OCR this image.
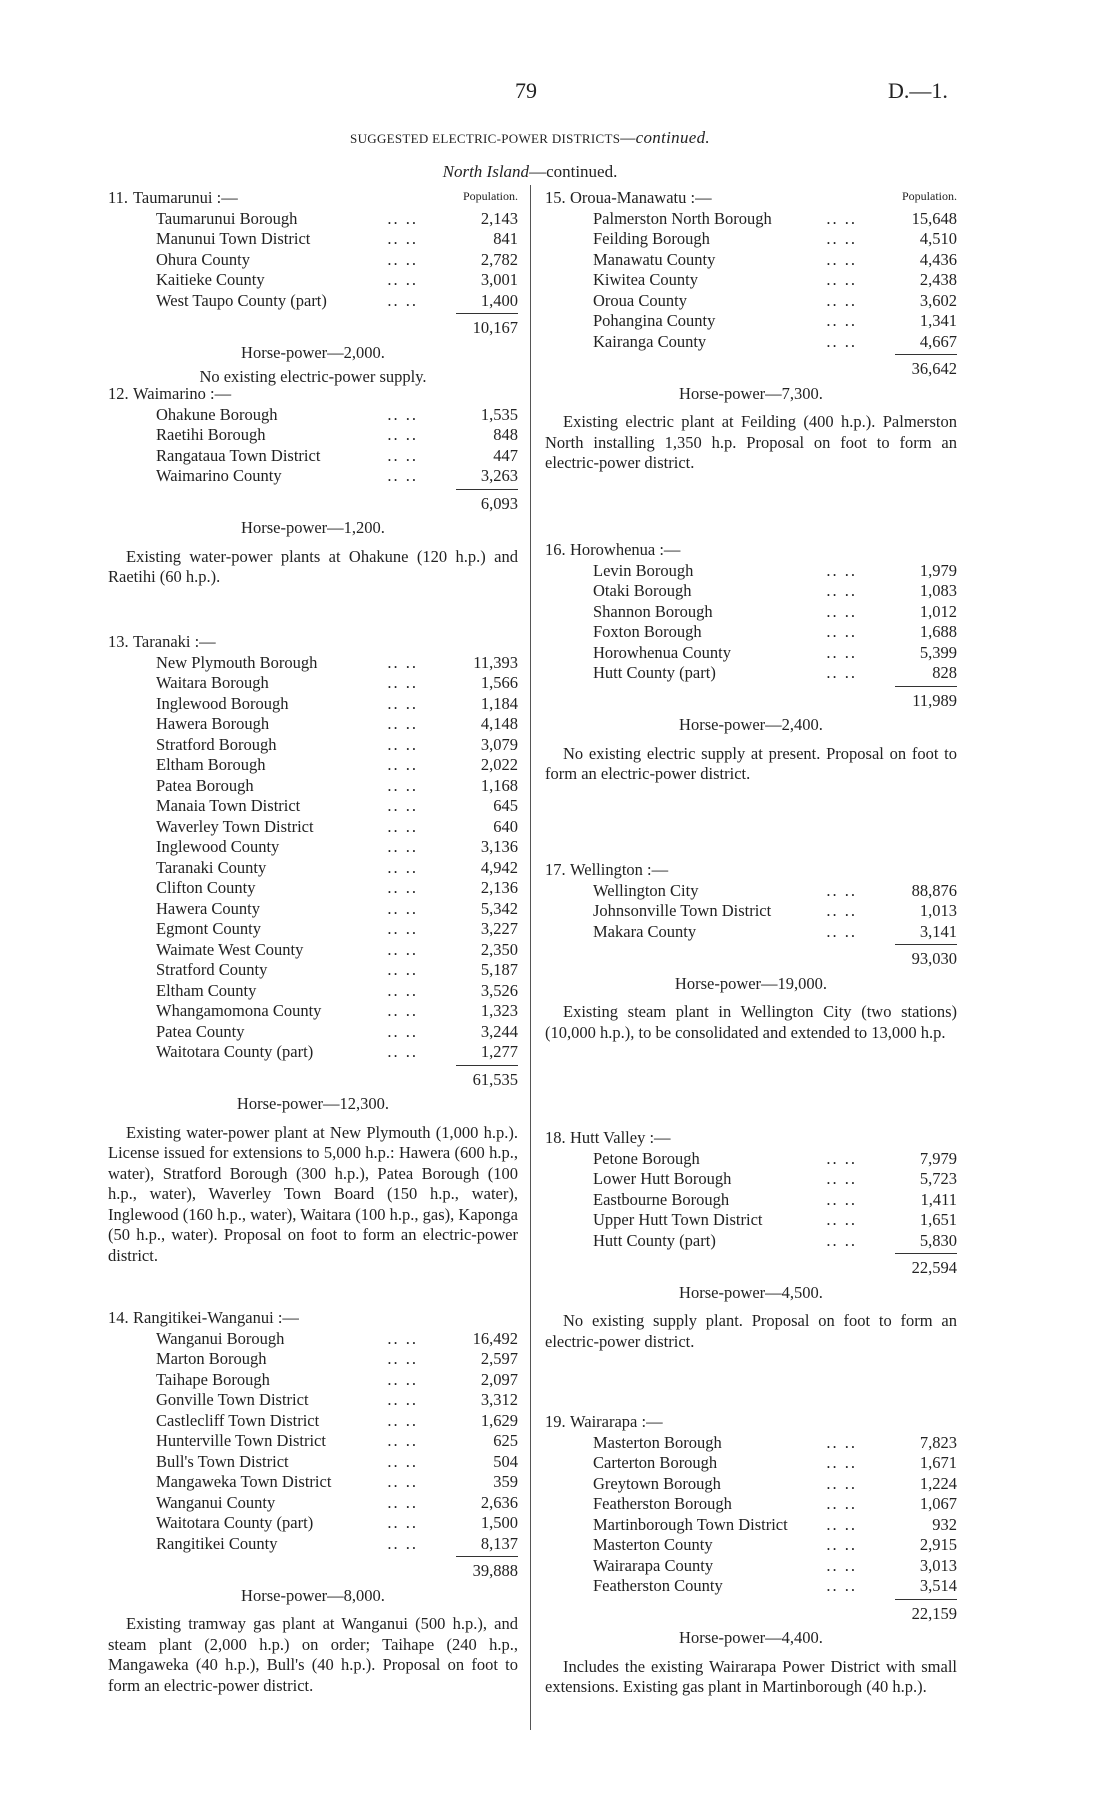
79	D.—1.
SUGGESTED ELECTRIC-POWER DISTRICTS—continued.
North Island—continued.
Population.
11. Taumarunui :—
Taumarunui Borough	.. ..	2,143
Manunui Town District	.. ..	841
Ohura County	.. ..	2,782
Kaitieke County	.. ..	3,001
West Taupo County (part)	.. ..	1,400
10,167
Horse-power—2,000.
No existing electric-power supply.
12. Waimarino :—
Ohakune Borough	.. ..	1,535
Raetihi Borough	.. ..	848
Rangataua Town District	.. ..	447
Waimarino County	.. ..	3,263
6,093
Horse-power—1,200.
Existing water-power plants at Ohakune (120 h.p.) and Raetihi (60 h.p.).
13. Taranaki :—
New Plymouth Borough	.. ..	11,393
Waitara Borough	.. ..	1,566
Inglewood Borough	.. ..	1,184
Hawera Borough	.. ..	4,148
Stratford Borough	.. ..	3,079
Eltham Borough	.. ..	2,022
Patea Borough	.. ..	1,168
Manaia Town District	.. ..	645
Waverley Town District	.. ..	640
Inglewood County	.. ..	3,136
Taranaki County	.. ..	4,942
Clifton County	.. ..	2,136
Hawera County	.. ..	5,342
Egmont County	.. ..	3,227
Waimate West County	.. ..	2,350
Stratford County	.. ..	5,187
Eltham County	.. ..	3,526
Whangamomona County	.. ..	1,323
Patea County	.. ..	3,244
Waitotara County (part)	.. ..	1,277
61,535
Horse-power—12,300.
Existing water-power plant at New Plymouth (1,000 h.p.). License issued for extensions to 5,000 h.p.: Hawera (600 h.p., water), Stratford Borough (300 h.p.), Patea Borough (100 h.p., water), Waverley Town Board (150 h.p., water), Inglewood (160 h.p., water), Waitara (100 h.p., gas), Kaponga (50 h.p., water). Proposal on foot to form an electric-power district.
14. Rangitikei-Wanganui :—
Wanganui Borough	.. ..	16,492
Marton Borough	.. ..	2,597
Taihape Borough	.. ..	2,097
Gonville Town District	.. ..	3,312
Castlecliff Town District	.. ..	1,629
Hunterville Town District	.. ..	625
Bull's Town District	.. ..	504
Mangaweka Town District	.. ..	359
Wanganui County	.. ..	2,636
Waitotara County (part)	.. ..	1,500
Rangitikei County	.. ..	8,137
39,888
Horse-power—8,000.
Existing tramway gas plant at Wanganui (500 h.p.), and steam plant (2,000 h.p.) on order; Taihape (240 h.p., Mangaweka (40 h.p.), Bull's (40 h.p.). Proposal on foot to form an electric-power district.
Population.
15. Oroua-Manawatu :—
Palmerston North Borough	.. ..	15,648
Feilding Borough	.. ..	4,510
Manawatu County	.. ..	4,436
Kiwitea County	.. ..	2,438
Oroua County	.. ..	3,602
Pohangina County	.. ..	1,341
Kairanga County	.. ..	4,667
36,642
Horse-power—7,300.
Existing electric plant at Feilding (400 h.p.). Palmerston North installing 1,350 h.p. Proposal on foot to form an electric-power district.
16. Horowhenua :—
Levin Borough	.. ..	1,979
Otaki Borough	.. ..	1,083
Shannon Borough	.. ..	1,012
Foxton Borough	.. ..	1,688
Horowhenua County	.. ..	5,399
Hutt County (part)	.. ..	828
11,989
Horse-power—2,400.
No existing electric supply at present. Proposal on foot to form an electric-power district.
17. Wellington :—
Wellington City	.. ..	88,876
Johnsonville Town District	.. ..	1,013
Makara County	.. ..	3,141
93,030
Horse-power—19,000.
Existing steam plant in Wellington City (two stations) (10,000 h.p.), to be consolidated and extended to 13,000 h.p.
18. Hutt Valley :—
Petone Borough	.. ..	7,979
Lower Hutt Borough	.. ..	5,723
Eastbourne Borough	.. ..	1,411
Upper Hutt Town District	.. ..	1,651
Hutt County (part)	.. ..	5,830
22,594
Horse-power—4,500.
No existing supply plant. Proposal on foot to form an electric-power district.
19. Wairarapa :—
Masterton Borough	.. ..	7,823
Carterton Borough	.. ..	1,671
Greytown Borough	.. ..	1,224
Featherston Borough	.. ..	1,067
Martinborough Town District	.. ..	932
Masterton County	.. ..	2,915
Wairarapa County	.. ..	3,013
Featherston County	.. ..	3,514
22,159
Horse-power—4,400.
Includes the existing Wairarapa Power District with small extensions. Existing gas plant in Martinborough (40 h.p.).
